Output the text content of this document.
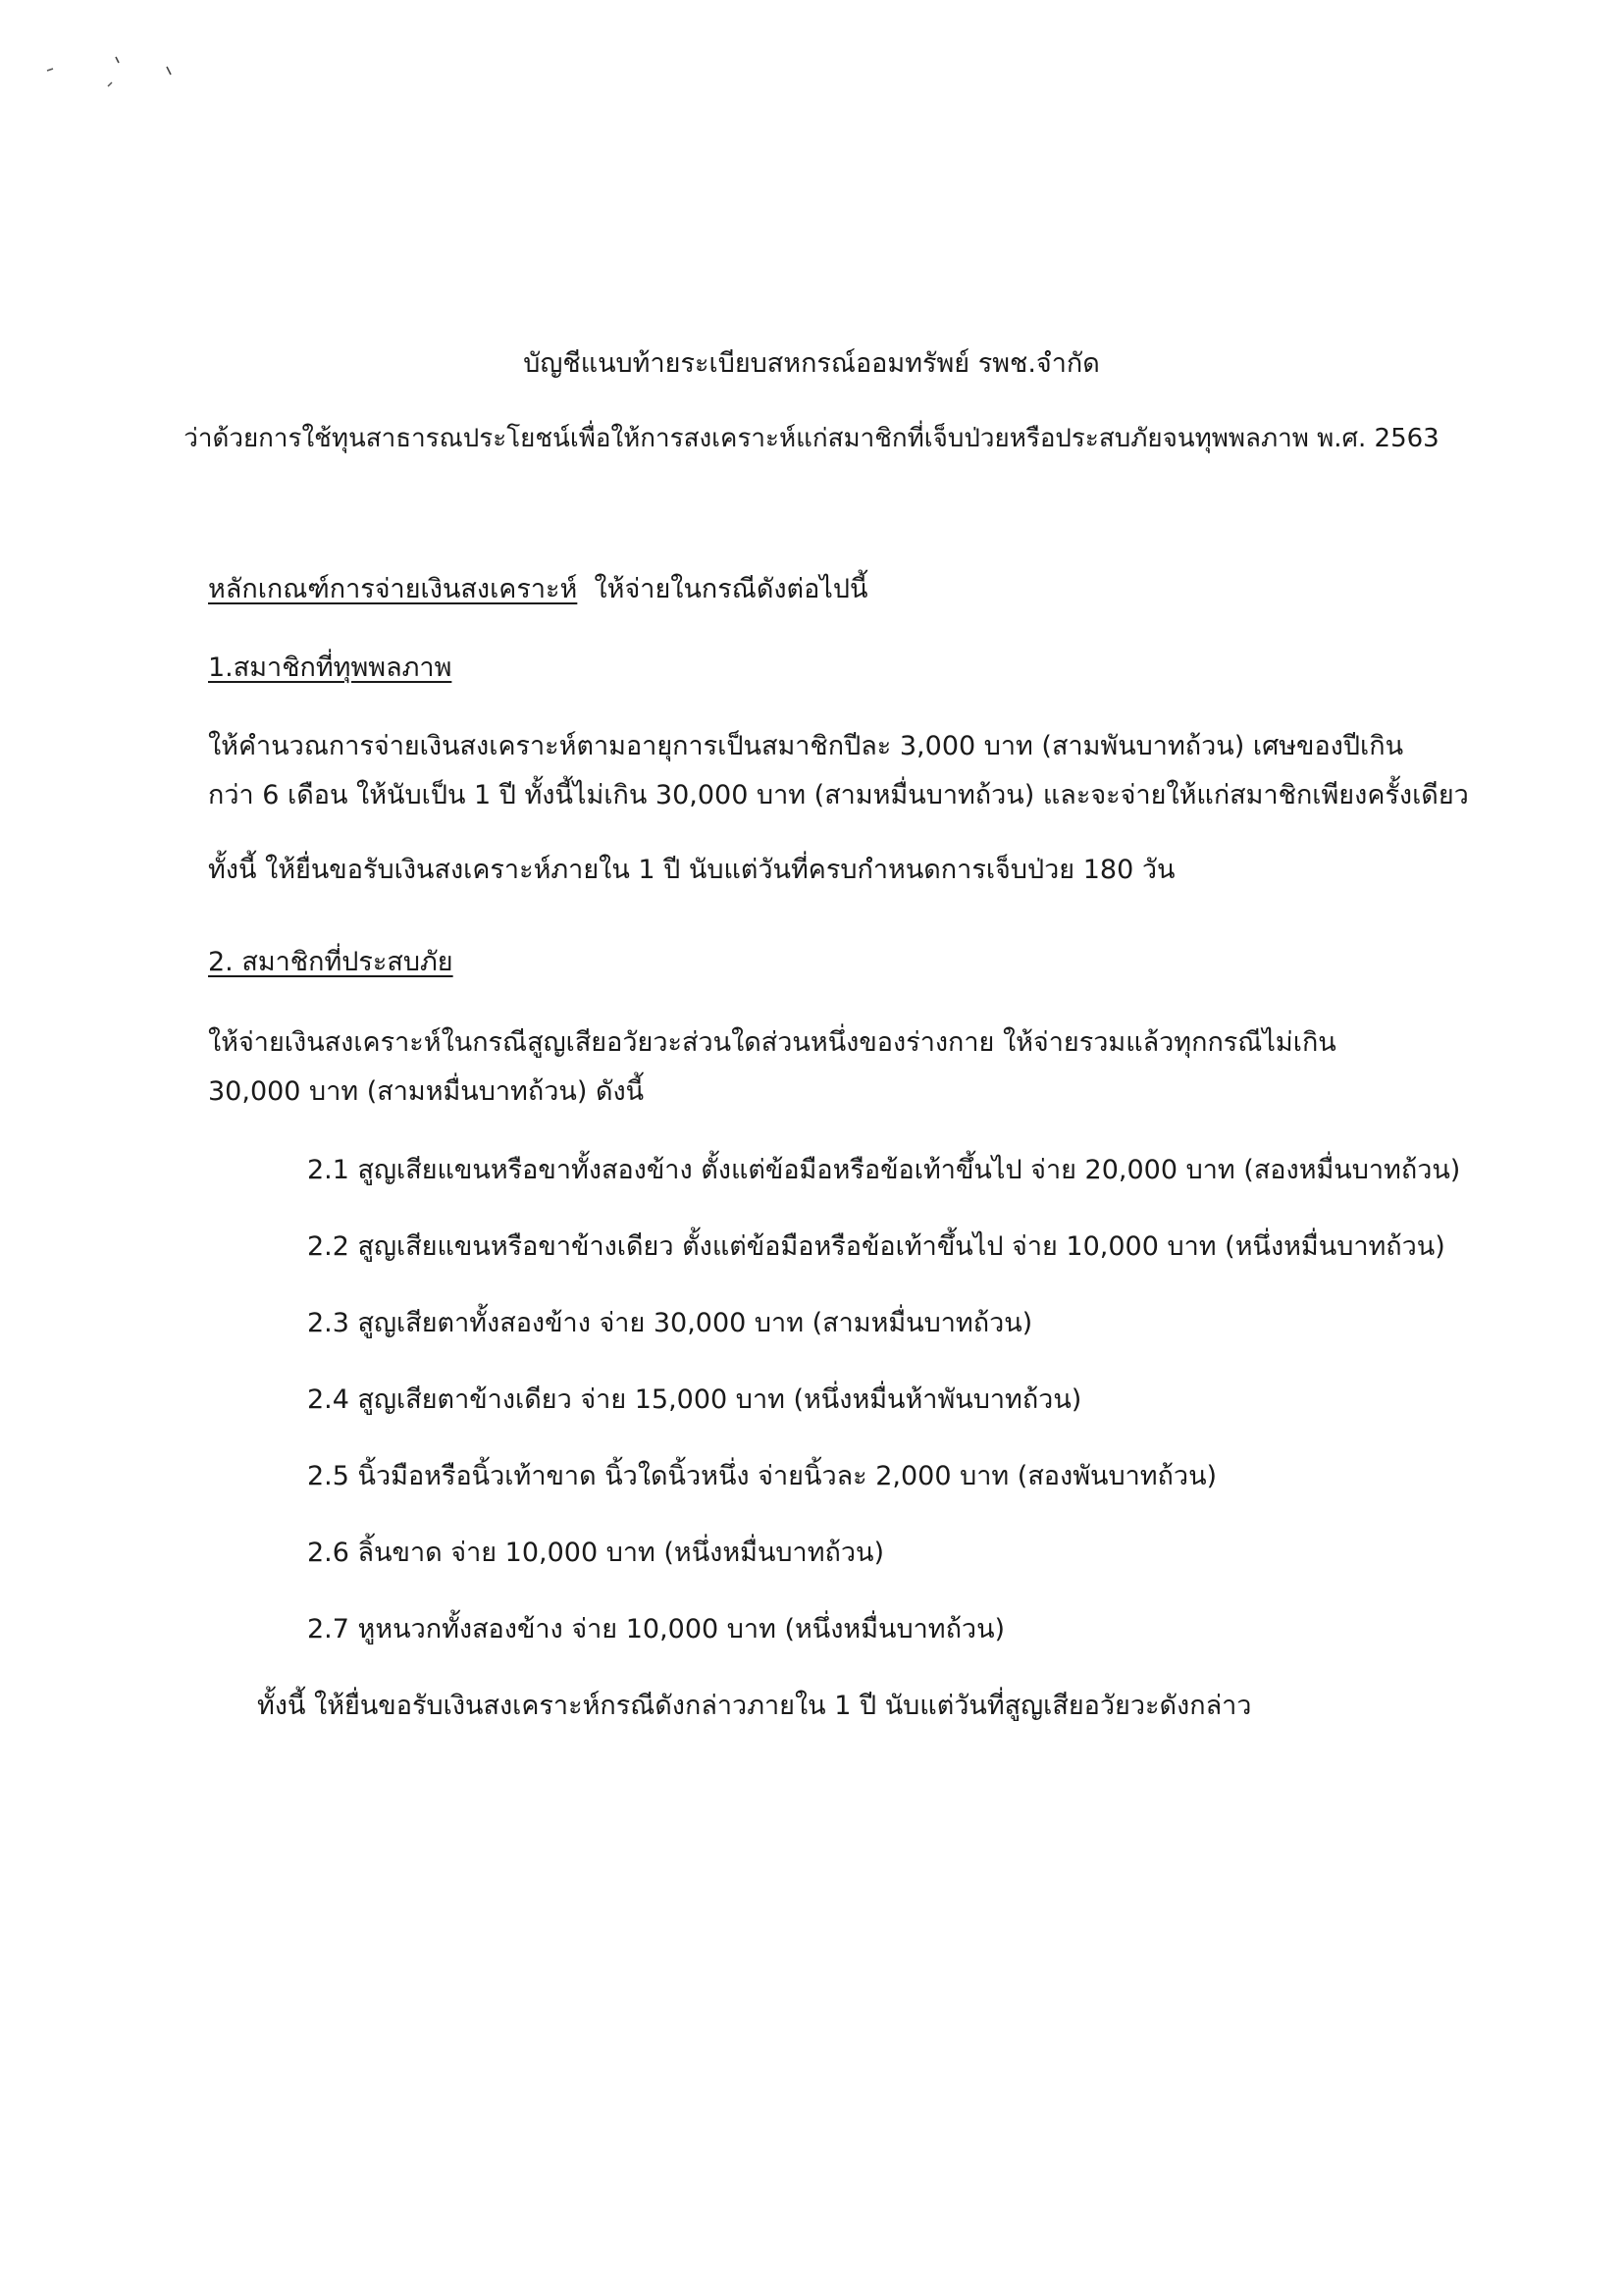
บัญชีแนบท้ายระเบียบสหกรณ์ออมทรัพย์ รพช.จำกัด
ว่าด้วยการใช้ทุนสาธารณประโยชน์เพื่อให้การสงเคราะห์แก่สมาชิกที่เจ็บป่วยหรือประสบภัยจนทุพพลภาพ พ.ศ. 2563
หลักเกณฑ์การจ่ายเงินสงเคราะห์ ให้จ่ายในกรณีดังต่อไปนี้
1.สมาชิกที่ทุพพลภาพ
ให้คำนวณการจ่ายเงินสงเคราะห์ตามอายุการเป็นสมาชิกปีละ 3,000 บาท (สามพันบาทถ้วน) เศษของปีเกิน
กว่า 6 เดือน ให้นับเป็น 1 ปี ทั้งนี้ไม่เกิน 30,000 บาท (สามหมื่นบาทถ้วน) และจะจ่ายให้แก่สมาชิกเพียงครั้งเดียว
ทั้งนี้ ให้ยื่นขอรับเงินสงเคราะห์ภายใน 1 ปี นับแต่วันที่ครบกำหนดการเจ็บป่วย 180 วัน
2. สมาชิกที่ประสบภัย
ให้จ่ายเงินสงเคราะห์ในกรณีสูญเสียอวัยวะส่วนใดส่วนหนึ่งของร่างกาย ให้จ่ายรวมแล้วทุกกรณีไม่เกิน
30,000 บาท (สามหมื่นบาทถ้วน) ดังนี้
2.1 สูญเสียแขนหรือขาทั้งสองข้าง ตั้งแต่ข้อมือหรือข้อเท้าขึ้นไป จ่าย 20,000 บาท (สองหมื่นบาทถ้วน)
2.2 สูญเสียแขนหรือขาข้างเดียว ตั้งแต่ข้อมือหรือข้อเท้าขึ้นไป จ่าย 10,000 บาท (หนึ่งหมื่นบาทถ้วน)
2.3 สูญเสียตาทั้งสองข้าง จ่าย 30,000 บาท (สามหมื่นบาทถ้วน)
2.4 สูญเสียตาข้างเดียว จ่าย 15,000 บาท (หนึ่งหมื่นห้าพันบาทถ้วน)
2.5 นิ้วมือหรือนิ้วเท้าขาด นิ้วใดนิ้วหนึ่ง จ่ายนิ้วละ 2,000 บาท (สองพันบาทถ้วน)
2.6 ลิ้นขาด จ่าย 10,000 บาท (หนึ่งหมื่นบาทถ้วน)
2.7 หูหนวกทั้งสองข้าง จ่าย 10,000 บาท (หนึ่งหมื่นบาทถ้วน)
ทั้งนี้ ให้ยื่นขอรับเงินสงเคราะห์กรณีดังกล่าวภายใน 1 ปี นับแต่วันที่สูญเสียอวัยวะดังกล่าว
